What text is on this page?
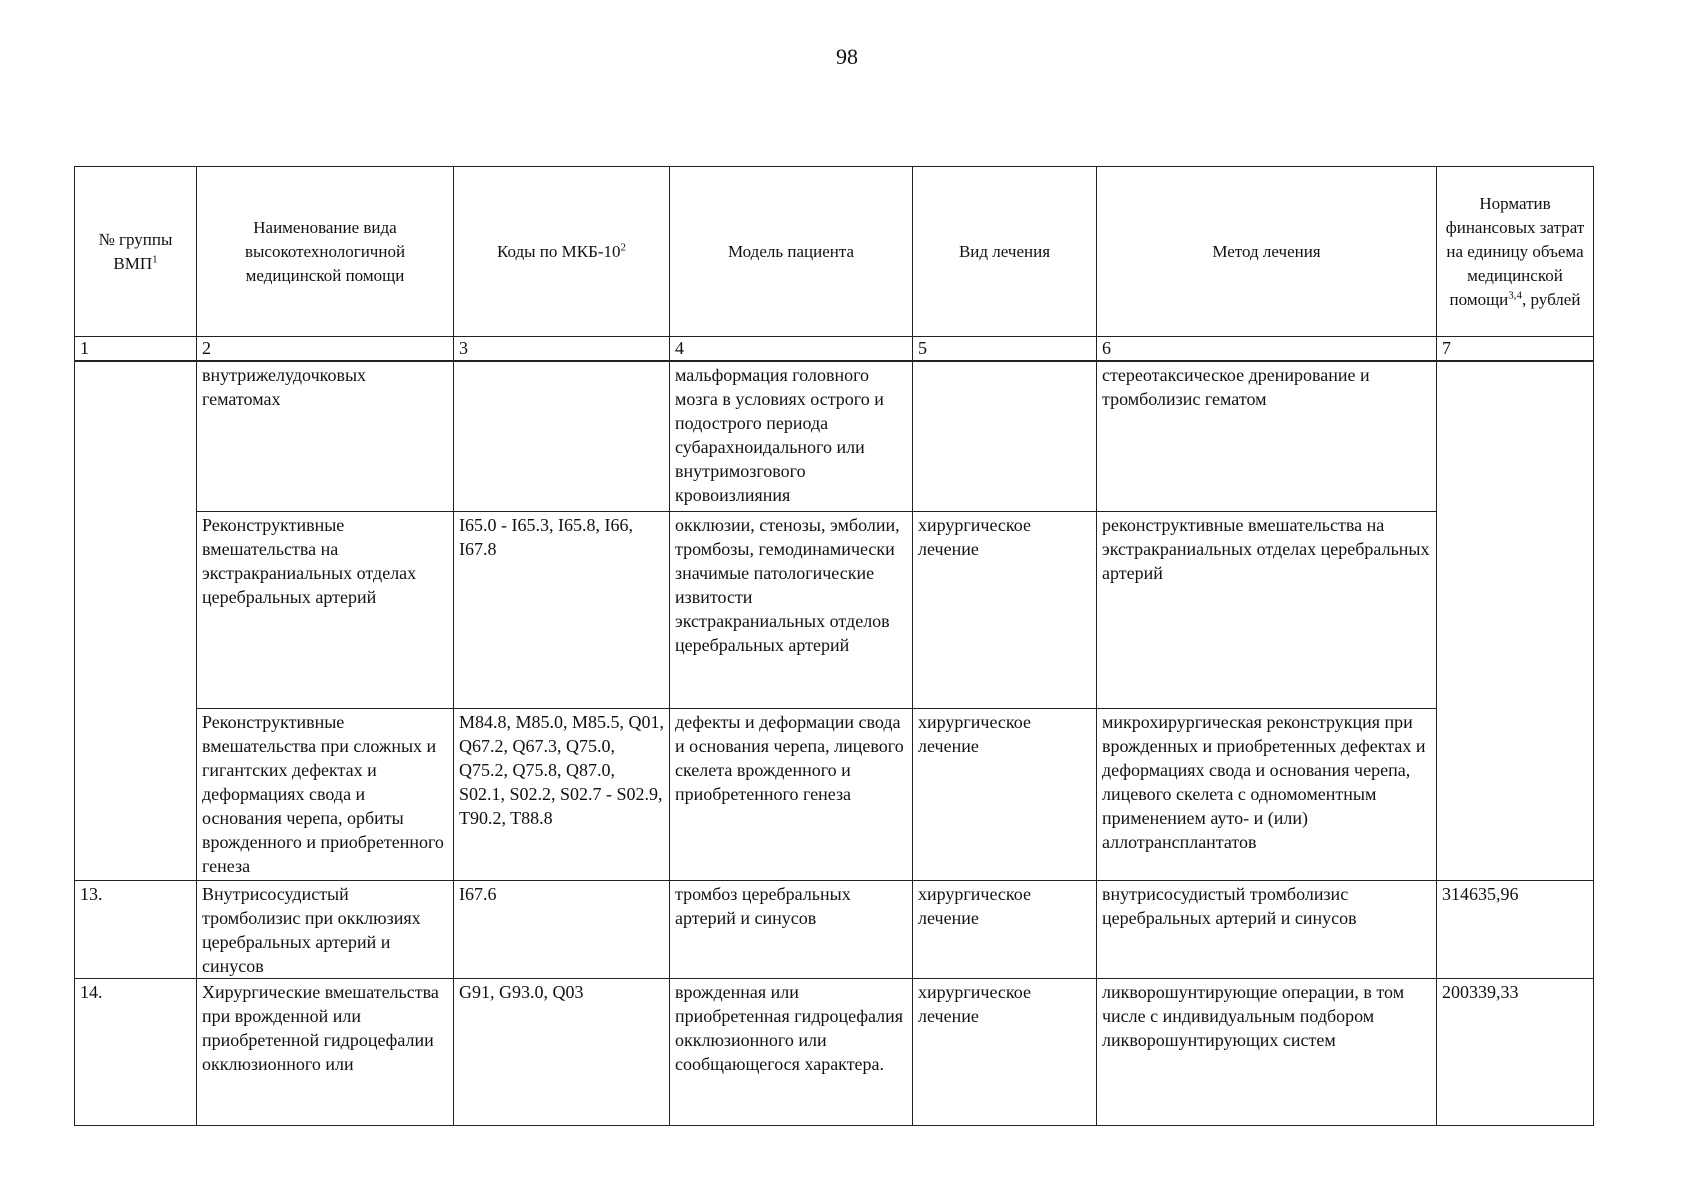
98
№ группы ВМП$^1$	Наименование вида высокотехнологичной медицинской помощи	Коды по МКБ-$10^2$	Модель пациента	Вид лечения	Метод лечения	Норматив финансовых затрат на единицу объема медицинской помощи$^{3,4}$, рублей
1	2	3	4	5	6	7
	внутрижелудочковых гематомах		мальформация головного мозга в условиях острого и подострого периода субарахноидального или внутримозгового кровоизлияния		стереотаксическое дренирование и тромболизис гематом	
	Реконструктивные вмешательства на экстракраниальных отделах церебральных артерий	I65.0 - I65.3, I65.8, I66, I67.8	окклюзии, стенозы, эмболии, тромбозы, гемодинамически значимые патологические извитости экстракраниальных отделов церебральных артерий	хирургическое лечение	реконструктивные вмешательства на экстракраниальных отделах церебральных артерий	
	Реконструктивные вмешательства при сложных и гигантских дефектах и деформациях свода и основания черепа, орбиты врожденного и приобретенного генеза	M84.8, M85.0, M85.5, Q01, Q67.2, Q67.3, Q75.0, Q75.2, Q75.8, Q87.0, S02.1, S02.2, S02.7 - S02.9, T90.2, T88.8	дефекты и деформации свода и основания черепа, лицевого скелета врожденного и приобретенного генеза	хирургическое лечение	микрохирургическая реконструкция при врожденных и приобретенных дефектах и деформациях свода и основания черепа, лицевого скелета с одномоментным применением ауто- и (или) аллотрансплантатов	
13.	Внутрисосудистый тромболизис при окклюзиях церебральных артерий и синусов	I67.6	тромбоз церебральных артерий и синусов	хирургическое лечение	внутрисосудистый тромболизис церебральных артерий и синусов	314635,96
14.	Хирургические вмешательства при врожденной или приобретенной гидроцефалии окклюзионного или	G91, G93.0, Q03	врожденная или приобретенная гидроцефалия окклюзионного или сообщающегося характера.	хирургическое лечение	ликворошунтирующие операции, в том числе с индивидуальным подбором ликворошунтирующих систем	200339,33
